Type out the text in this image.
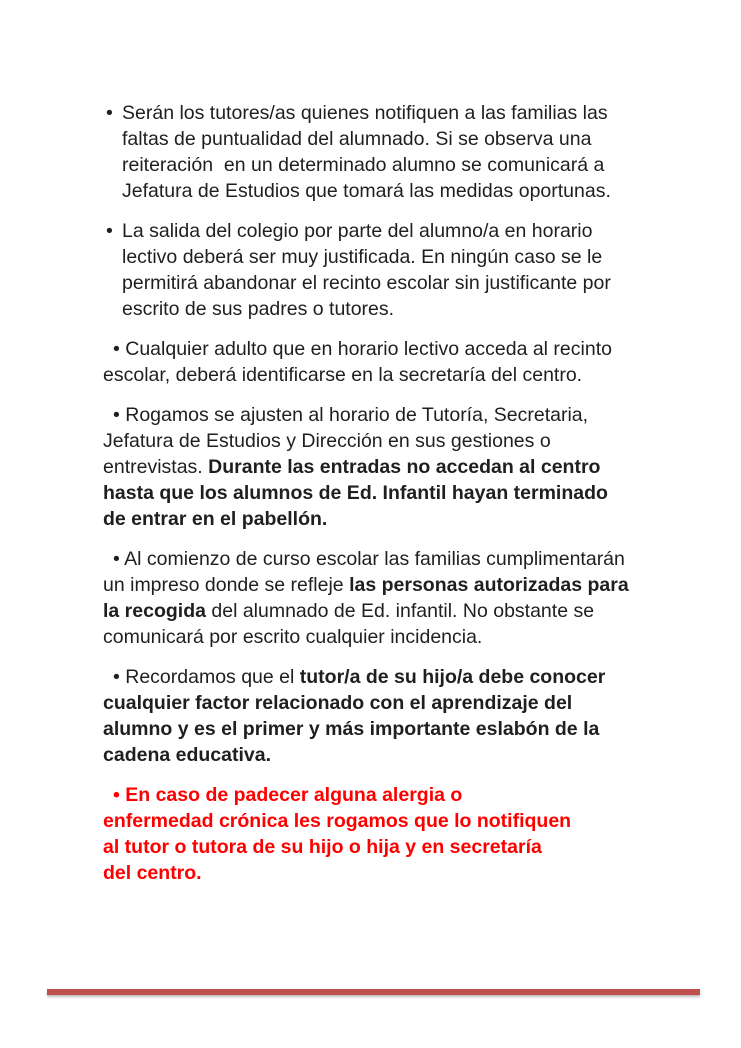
• Serán los tutores/as quienes notifiquen a las familias las
faltas de puntualidad del alumnado. Si se observa una
reiteración  en un determinado alumno se comunicará a
Jefatura de Estudios que tomará las medidas oportunas.
• La salida del colegio por parte del alumno/a en horario
lectivo deberá ser muy justificada. En ningún caso se le
permitirá abandonar el recinto escolar sin justificante por
escrito de sus padres o tutores.
• Cualquier adulto que en horario lectivo acceda al recinto
escolar, deberá identificarse en la secretaría del centro.
• Rogamos se ajusten al horario de Tutoría, Secretaria,
Jefatura de Estudios y Dirección en sus gestiones o
entrevistas. Durante las entradas no accedan al centro
hasta que los alumnos de Ed. Infantil hayan terminado
de entrar en el pabellón.
• Al comienzo de curso escolar las familias cumplimentarán
un impreso donde se refleje las personas autorizadas para
la recogida del alumnado de Ed. infantil. No obstante se
comunicará por escrito cualquier incidencia.
• Recordamos que el tutor/a de su hijo/a debe conocer
cualquier factor relacionado con el aprendizaje del
alumno y es el primer y más importante eslabón de la
cadena educativa.
• En caso de padecer alguna alergia o
enfermedad crónica les rogamos que lo notifiquen
al tutor o tutora de su hijo o hija y en secretaría
del centro.
